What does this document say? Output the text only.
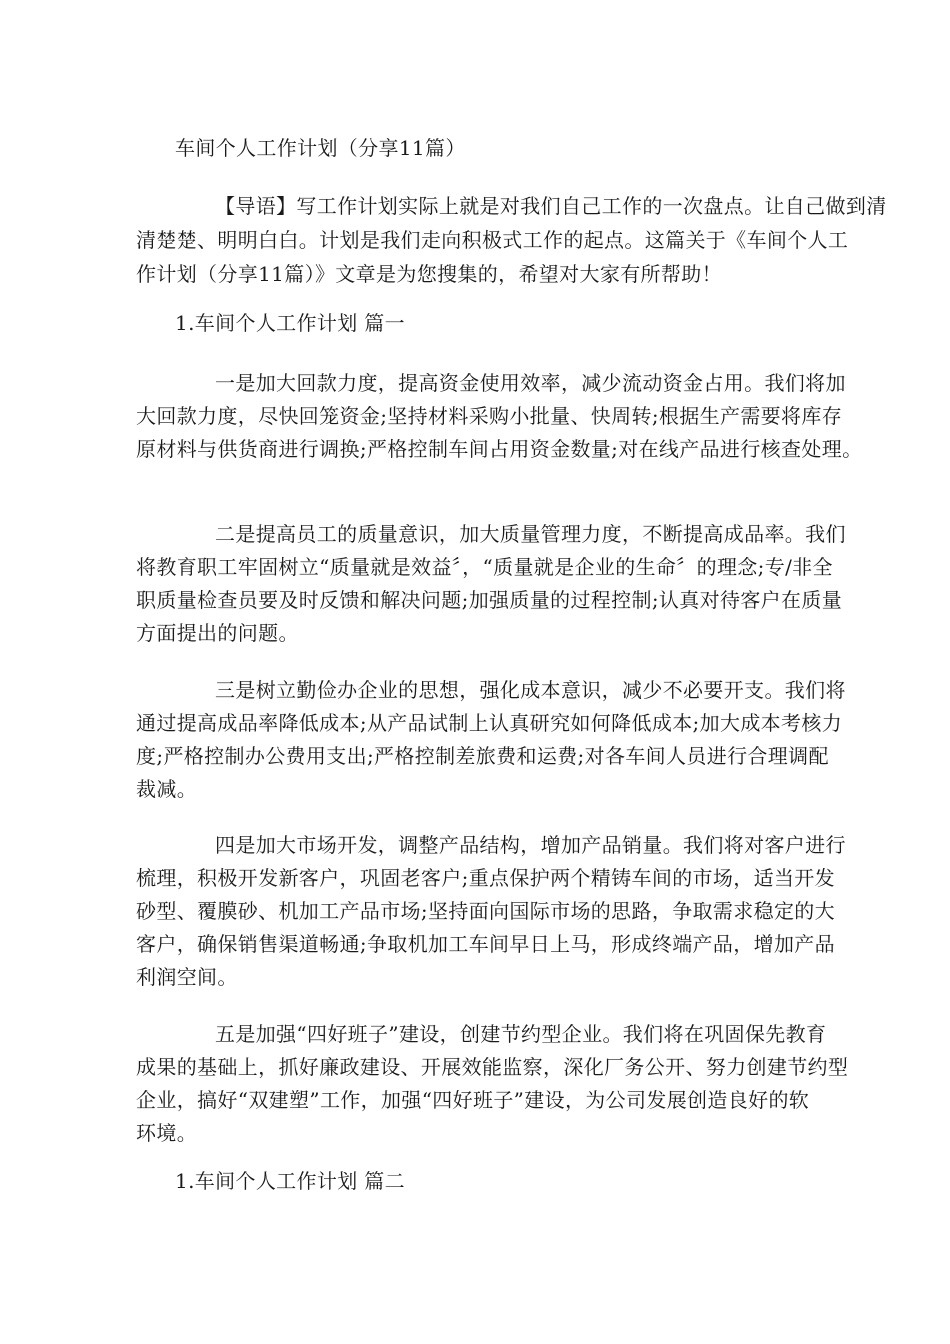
车间个人工作计划（分享11篇）
【导语】写工作计划实际上就是对我们自己工作的一次盘点。让自己做到清
清楚楚、明明白白。计划是我们走向积极式工作的起点。这篇关于《车间个人工
作计划（分享11篇）》文章是为您搜集的，希望对大家有所帮助！
1.车间个人工作计划 篇一
一是加大回款力度，提高资金使用效率，减少流动资金占用。我们将加
大回款力度，尽快回笼资金;坚持材料采购小批量、快周转;根据生产需要将库存
原材料与供货商进行调换;严格控制车间占用资金数量;对在线产品进行核查处理。
二是提高员工的质量意识，加大质量管理力度，不断提高成品率。我们
将教育职工牢固树立“质量就是效益〞，“质量就是企业的生命〞的理念;专/非全
职质量检查员要及时反馈和解决问题;加强质量的过程控制;认真对待客户在质量
方面提出的问题。
三是树立勤俭办企业的思想，强化成本意识，减少不必要开支。我们将
通过提高成品率降低成本;从产品试制上认真研究如何降低成本;加大成本考核力
度;严格控制办公费用支出;严格控制差旅费和运费;对各车间人员进行合理调配
裁减。
四是加大市场开发，调整产品结构，增加产品销量。我们将对客户进行
梳理，积极开发新客户，巩固老客户;重点保护两个精铸车间的市场，适当开发
砂型、覆膜砂、机加工产品市场;坚持面向国际市场的思路，争取需求稳定的大
客户，确保销售渠道畅通;争取机加工车间早日上马，形成终端产品，增加产品
利润空间。
五是加强“四好班子”建设，创建节约型企业。我们将在巩固保先教育
成果的基础上，抓好廉政建设、开展效能监察，深化厂务公开、努力创建节约型
企业，搞好“双建塑”工作，加强“四好班子”建设，为公司发展创造良好的软
环境。
1.车间个人工作计划 篇二
